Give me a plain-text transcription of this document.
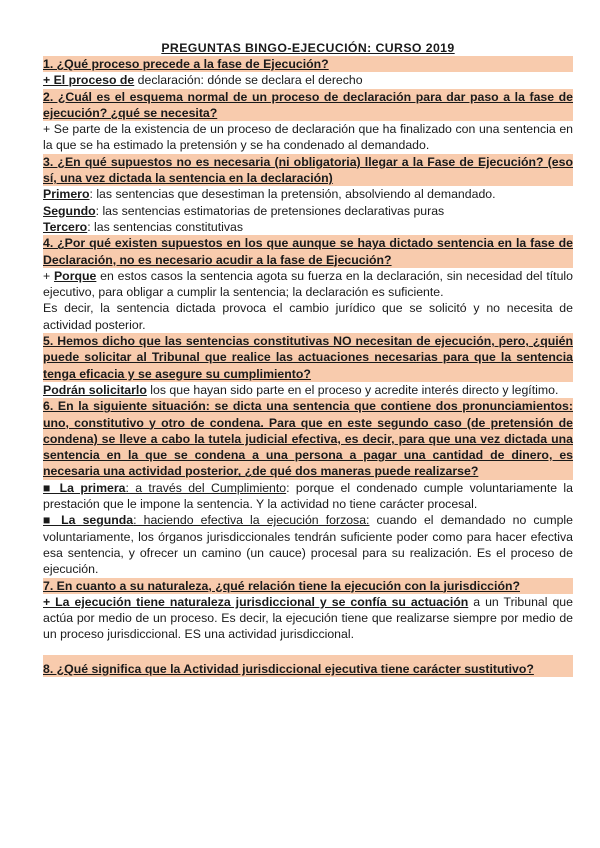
PREGUNTAS BINGO-EJECUCIÓN: CURSO 2019
1. ¿Qué proceso precede a la fase de Ejecución?
+ El proceso de declaración: dónde se declara el derecho
2. ¿Cuál es el esquema normal de un proceso de declaración para dar paso a la fase de ejecución? ¿qué se necesita?
+ Se parte de la existencia de un proceso de declaración que ha finalizado con una sentencia en la que se ha estimado la pretensión y se ha condenado al demandado.
3. ¿En qué supuestos no es necesaria (ni obligatoria) llegar a la Fase de Ejecución? (eso sí, una vez dictada la sentencia en la declaración)
Primero: las sentencias que desestiman la pretensión, absolviendo al demandado.
Segundo: las sentencias estimatorias de pretensiones declarativas puras
Tercero: las sentencias constitutivas
4. ¿Por qué existen supuestos en los que aunque se haya dictado sentencia en la fase de Declaración, no es necesario acudir a la fase de Ejecución?
+ Porque en estos casos la sentencia agota su fuerza en la declaración, sin necesidad del título ejecutivo, para obligar a cumplir la sentencia; la declaración es suficiente.
Es decir, la sentencia dictada provoca el cambio jurídico que se solicitó y no necesita de actividad posterior.
5. Hemos dicho que las sentencias constitutivas NO necesitan de ejecución, pero, ¿quién puede solicitar al Tribunal que realice las actuaciones necesarias para que la sentencia tenga eficacia y se asegure su cumplimiento?
Podrán solicitarlo los que hayan sido parte en el proceso y acredite interés directo y legítimo.
6. En la siguiente situación: se dicta una sentencia que contiene dos pronunciamientos: uno, constitutivo y otro de condena. Para que en este segundo caso (de pretensión de condena) se lleve a cabo la tutela judicial efectiva, es decir, para que una vez dictada una sentencia en la que se condena a una persona a pagar una cantidad de dinero, es necesaria una actividad posterior, ¿de qué dos maneras puede realizarse?
■ La primera: a través del Cumplimiento: porque el condenado cumple voluntariamente la prestación que le impone la sentencia. Y la actividad no tiene carácter procesal.
■ La segunda: haciendo efectiva la ejecución forzosa: cuando el demandado no cumple voluntariamente, los órganos jurisdiccionales tendrán suficiente poder como para hacer efectiva esa sentencia, y ofrecer un camino (un cauce) procesal para su realización. Es el proceso de ejecución.
7. En cuanto a su naturaleza, ¿qué relación tiene la ejecución con la jurisdicción?
+ La ejecución tiene naturaleza jurisdiccional y se confía su actuación a un Tribunal que actúa por medio de un proceso. Es decir, la ejecución tiene que realizarse siempre por medio de un proceso jurisdiccional. ES una actividad jurisdiccional.
8. ¿Qué significa que la Actividad jurisdiccional ejecutiva tiene carácter sustitutivo?
